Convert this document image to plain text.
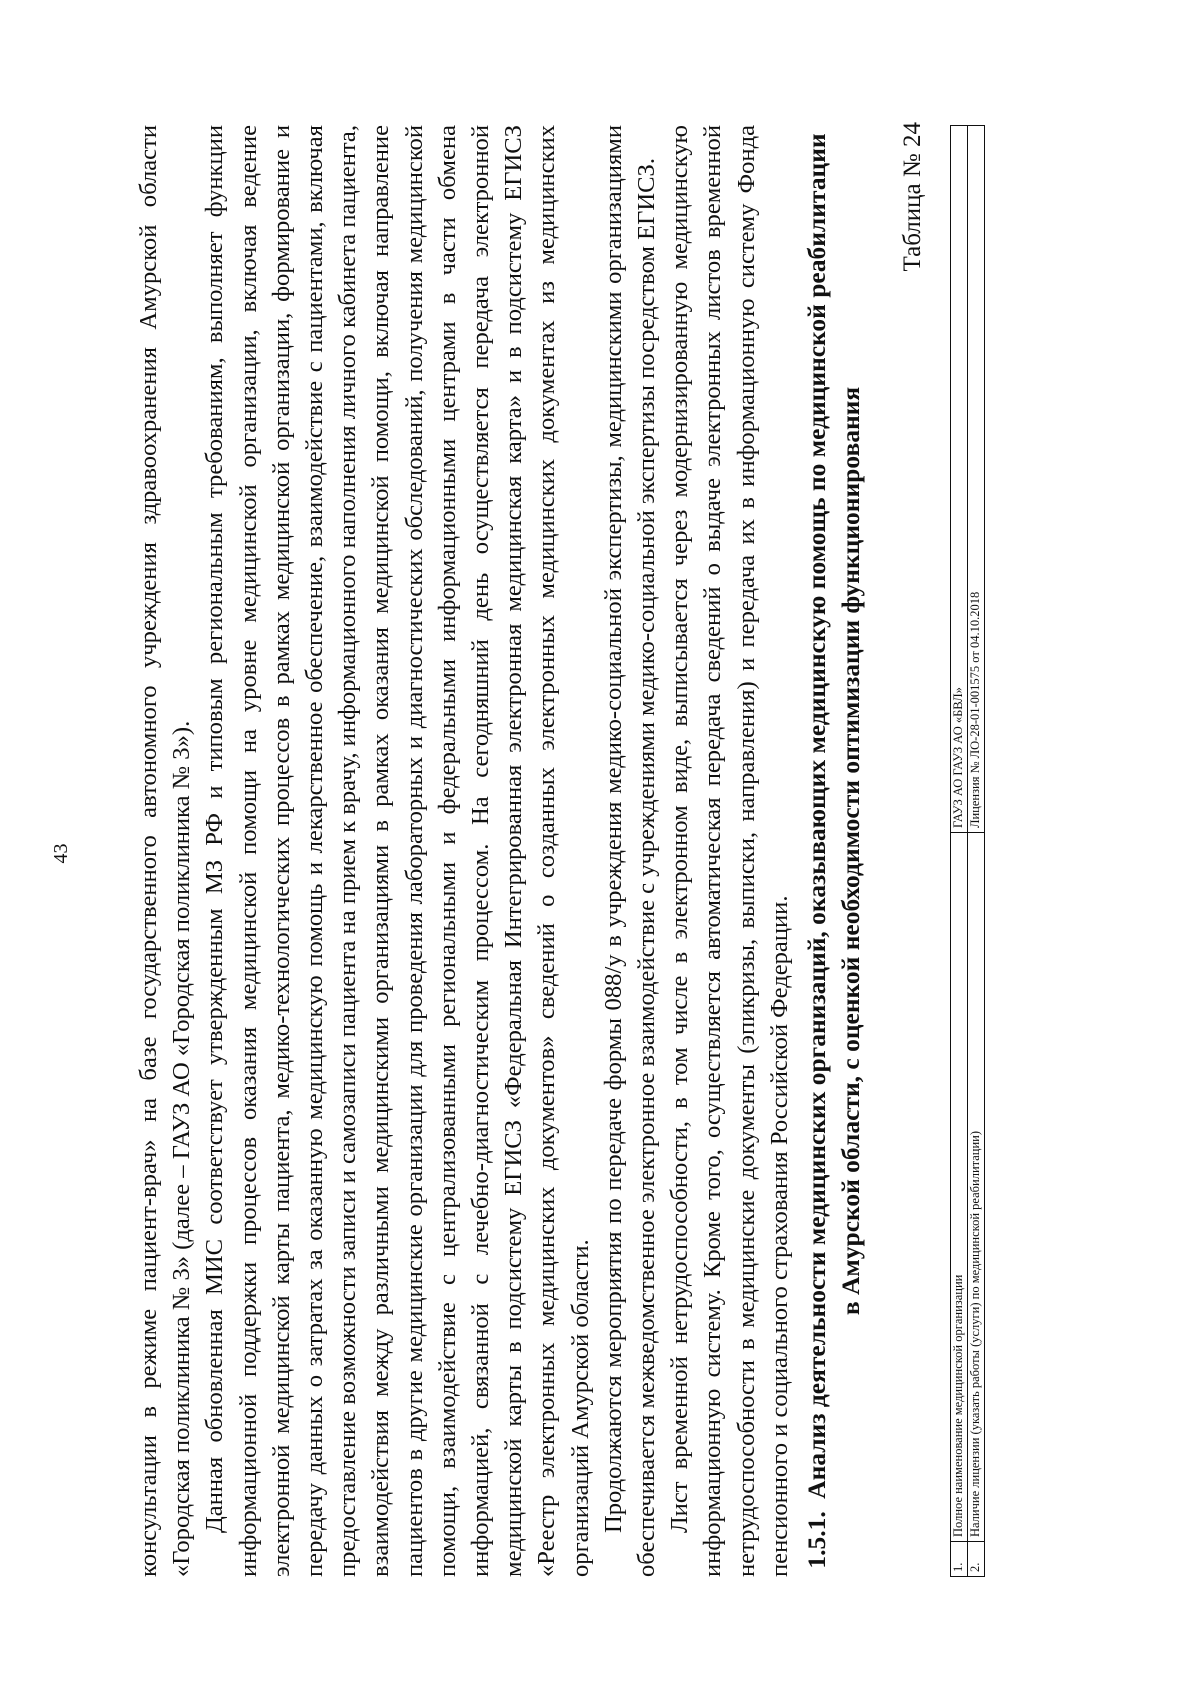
43	консультации в режиме пациент-врач» на базе государственного автономного учреждения здравоохранения Амурской области «Городская поликлиника № 3» (далее – ГАУЗ АО «Городская поликлиника № 3»). Данная обновленная МИС соответствует утвержденным МЗ РФ и типовым региональным требованиям, выполняет функции информационной поддержки процессов оказания медицинской помощи на уровне медицинской организации, включая ведение электронной медицинской карты пациента, медико-технологических процессов в рамках медицинской организации, формирование и передачу данных о затратах за оказанную медицинскую помощь и лекарственное обеспечение, взаимодействие с пациентами, включая предоставление возможности записи и самозаписи пациента на прием к врачу, информационного наполнения личного кабинета пациента, взаимодействия между различными медицинскими организациями в рамках оказания медицинской помощи, включая направление пациентов в другие медицинские организации для проведения лабораторных и диагностических обследований, получения медицинской помощи, взаимодействие с централизованными региональными и федеральными информационными центрами в части обмена информацией, связанной с лечебно-диагностическим процессом. На сегодняшний день осуществляется передача электронной медицинской карты в подсистему ЕГИСЗ «Федеральная Интегрированная электронная медицинская карта» и в подсистему ЕГИСЗ «Реестр электронных медицинских документов» сведений о созданных электронных медицинских документах из медицинских организаций Амурской области. Продолжаются мероприятия по передаче формы 088/у в учреждения медико-социальной экспертизы, медицинскими организациями обеспечивается межведомственное электронное взаимодействие с учреждениями медико-социальной экспертизы посредством ЕГИСЗ. Лист временной нетрудоспособности, в том числе в электронном виде, выписывается через модернизированную медицинскую информационную систему. Кроме того, осуществляется автоматическая передача сведений о выдаче электронных листов временной нетрудоспособности в медицинские документы (эпикризы, выписки, направления) и передача их в информационную систему Фонда пенсионного и социального страхования Российской Федерации. 1.5.1. Анализ деятельности медицинских организаций, оказывающих медицинскую помощь по медицинской реабилитации в Амурской области, с оценкой необходимости оптимизации функционирования
Таблица № 24
1.	Полное наименование медицинской организации	ГАУЗ АО ГАУЗ АО «БВЛ»
2.	Наличие лицензии (указать работы (услуги) по медицинской реабилитации)	Лицензия № ЛО-28-01-001575 от 04.10.2018
